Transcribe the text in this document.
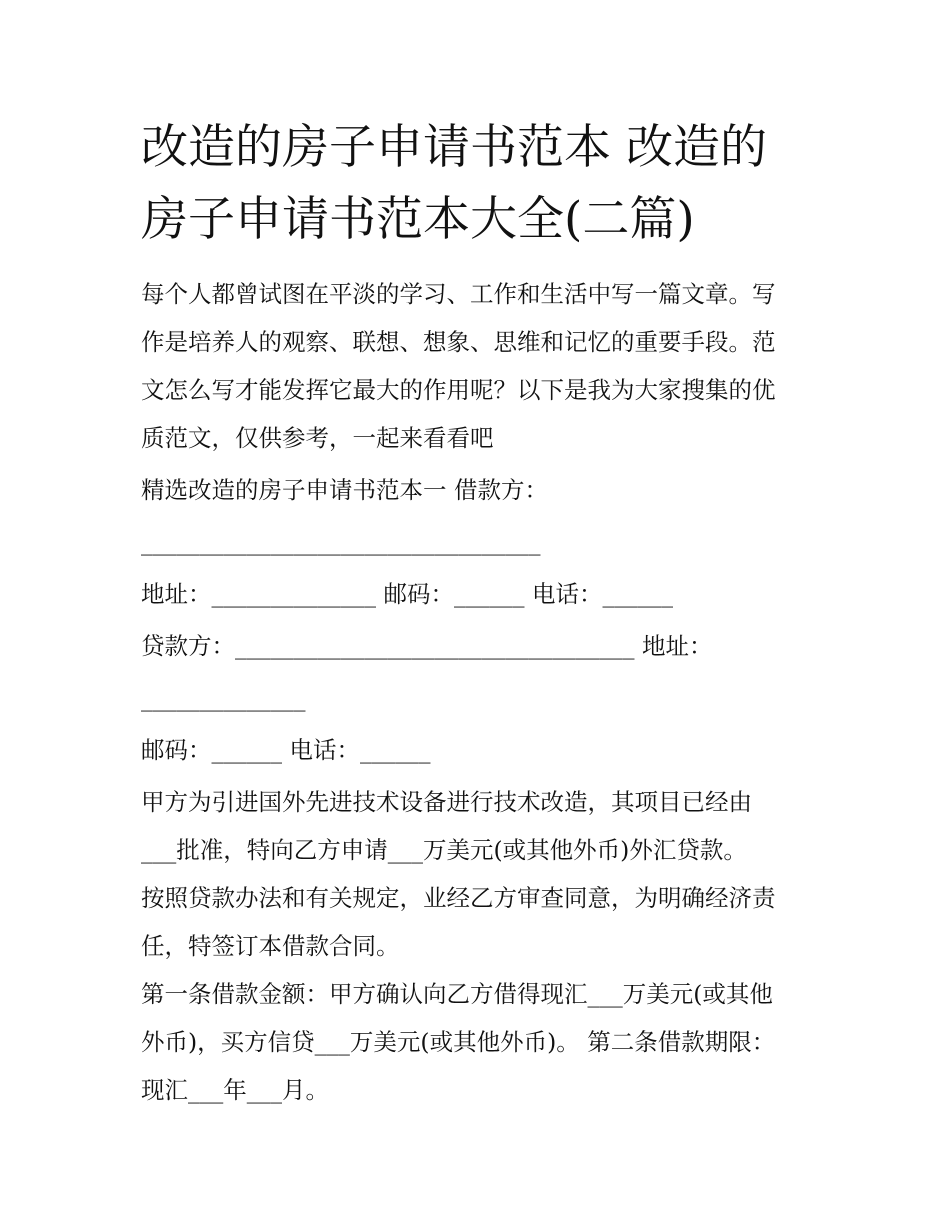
改造的房子申请书范本 改造的
房子申请书范本大全(二篇)

每个人都曾试图在平淡的学习、工作和生活中写一篇文章。写

作是培养人的观察、联想、想象、思维和记忆的重要手段。范

文怎么写才能发挥它最大的作用呢？以下是我为大家搜集的优

质范文，仅供参考，一起来看看吧

精选改造的房子申请书范本一 借款方：

__________________________________

地址：______________ 邮码：______ 电话：______

贷款方：__________________________________ 地址：

______________

邮码：______ 电话：______

甲方为引进国外先进技术设备进行技术改造，其项目已经由

___批准，特向乙方申请___万美元(或其他外币)外汇贷款。

按照贷款办法和有关规定，业经乙方审查同意，为明确经济责

任，特签订本借款合同。

第一条借款金额：甲方确认向乙方借得现汇___万美元(或其他

外币)，买方信贷___万美元(或其他外币)。 第二条借款期限：

现汇___年___月。
